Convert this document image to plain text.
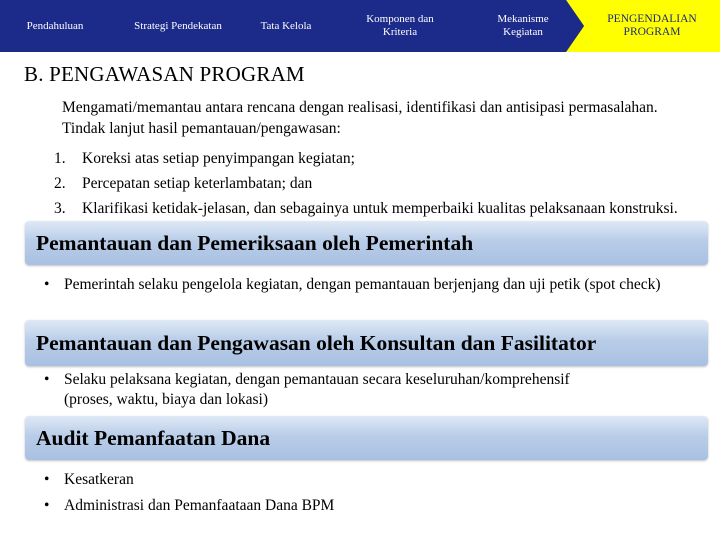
Pendahuluan	Strategi Pendekatan	Tata Kelola
Komponen dan Kriteria
Mekanisme Kegiatan
PENGENDALIAN PROGRAM
B. PENGAWASAN PROGRAM
Mengamati/memantau antara rencana dengan realisasi, identifikasi dan antisipasi permasalahan. Tindak lanjut hasil pemantauan/pengawasan:
1.	Koreksi atas setiap penyimpangan kegiatan;
2.	Percepatan setiap keterlambatan; dan
3.	Klarifikasi ketidak-jelasan, dan sebagainya untuk memperbaiki kualitas pelaksanaan konstruksi.
Pemantauan dan Pemeriksaan oleh Pemerintah
• Pemerintah selaku pengelola kegiatan, dengan pemantauan berjenjang dan uji petik (spot check)
Pemantauan dan Pengawasan oleh Konsultan dan Fasilitator
• Selaku pelaksana kegiatan, dengan pemantauan secara keseluruhan/komprehensif (proses, waktu, biaya dan lokasi)
Audit Pemanfaatan Dana
• Kesatkeran
• Administrasi dan Pemanfaataan Dana BPM
